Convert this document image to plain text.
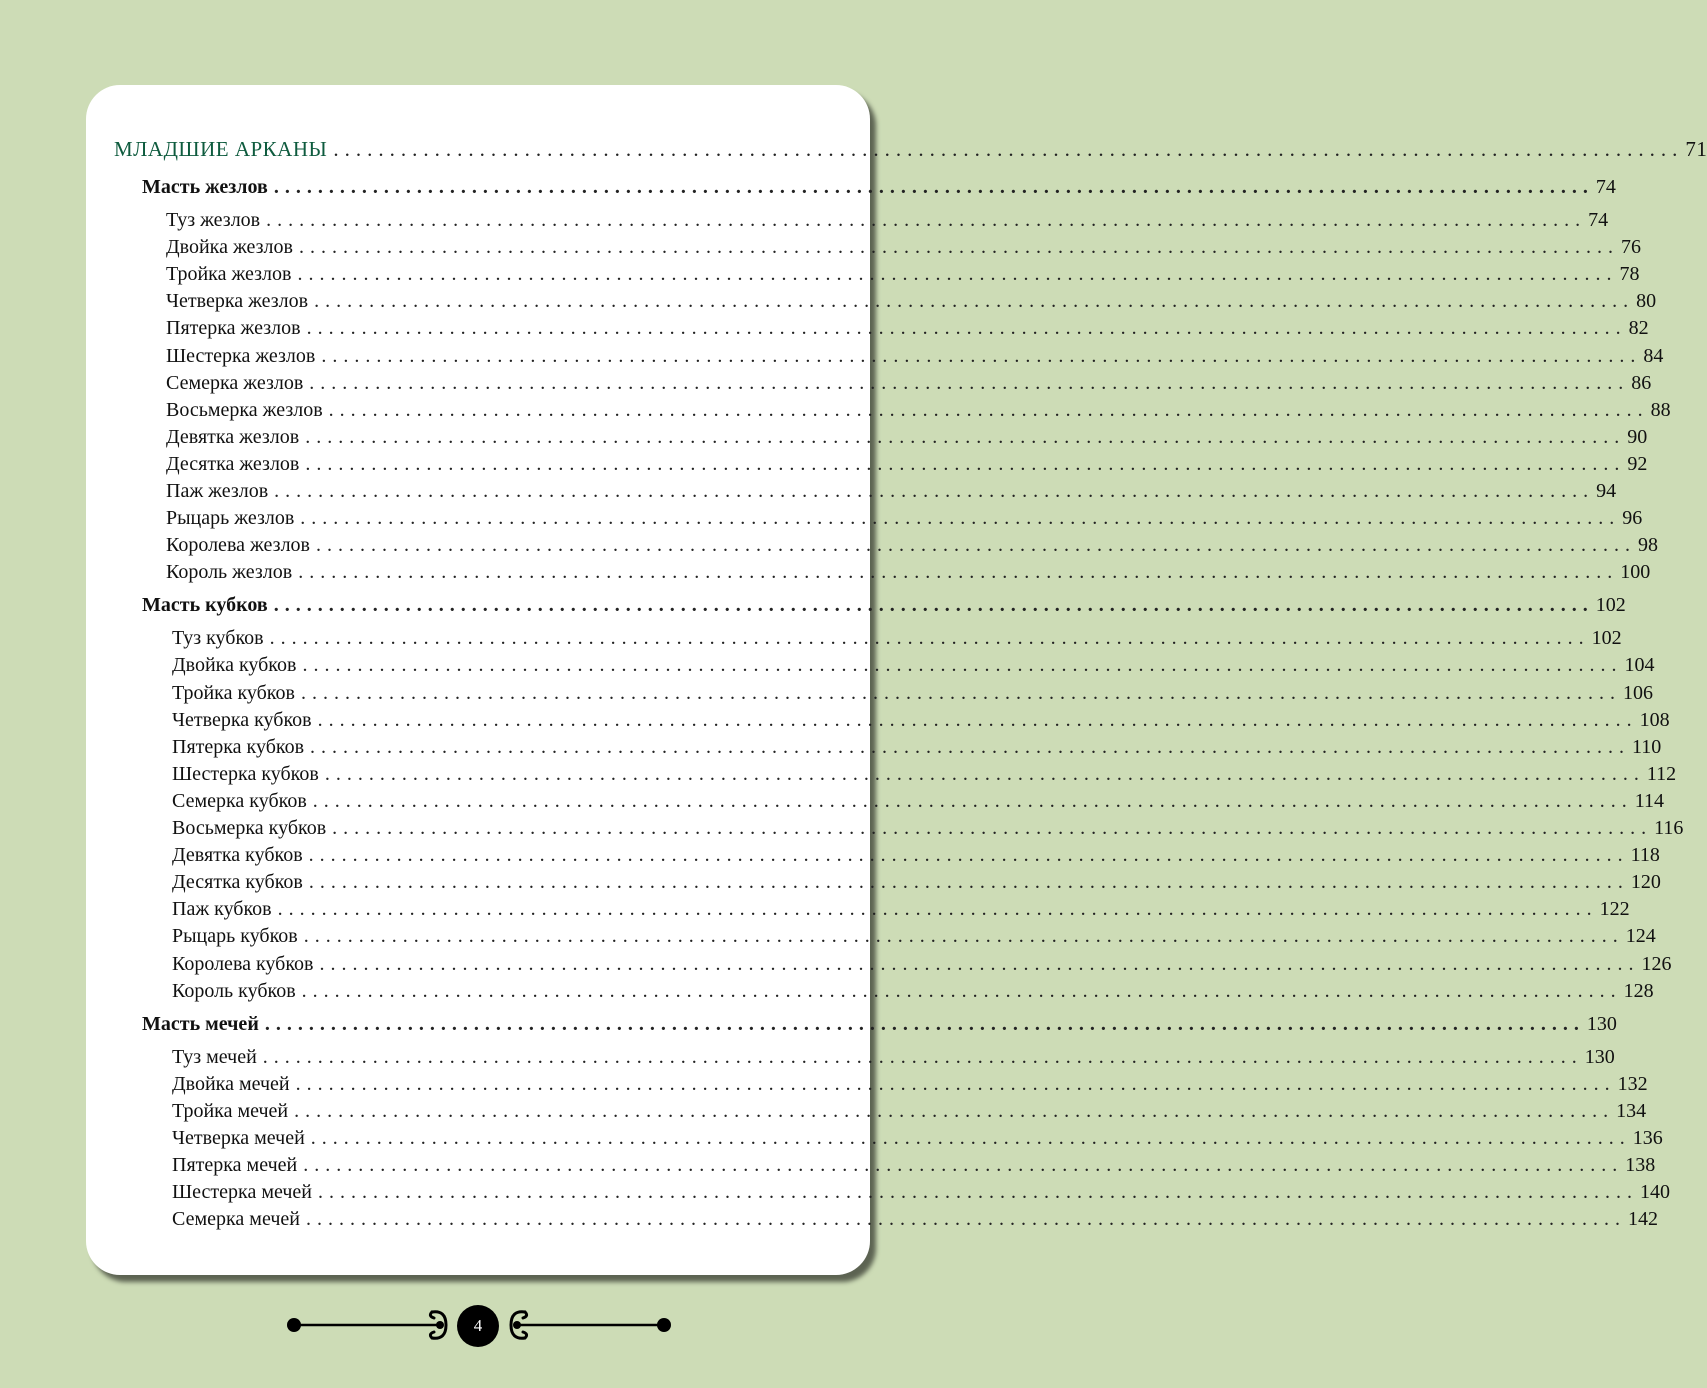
МЛАДШИЕ АРКАНЫ ........................................................................................................................ 71
Масть жезлов ........................................................................................................................ 74
Туз жезлов ........................................................................................................................ 74
Двойка жезлов ........................................................................................................................ 76
Тройка жезлов ........................................................................................................................ 78
Четверка жезлов ........................................................................................................................ 80
Пятерка жезлов ........................................................................................................................ 82
Шестерка жезлов ........................................................................................................................ 84
Семерка жезлов ........................................................................................................................ 86
Восьмерка жезлов ........................................................................................................................ 88
Девятка жезлов ........................................................................................................................ 90
Десятка жезлов ........................................................................................................................ 92
Паж жезлов ........................................................................................................................ 94
Рыцарь жезлов ........................................................................................................................ 96
Королева жезлов ........................................................................................................................ 98
Король жезлов ........................................................................................................................ 100
Масть кубков ........................................................................................................................ 102
Туз кубков ........................................................................................................................ 102
Двойка кубков ........................................................................................................................ 104
Тройка кубков ........................................................................................................................ 106
Четверка кубков ........................................................................................................................ 108
Пятерка кубков ........................................................................................................................ 110
Шестерка кубков ........................................................................................................................ 112
Семерка кубков ........................................................................................................................ 114
Восьмерка кубков ........................................................................................................................ 116
Девятка кубков ........................................................................................................................ 118
Десятка кубков ........................................................................................................................ 120
Паж кубков ........................................................................................................................ 122
Рыцарь кубков ........................................................................................................................ 124
Королева кубков ........................................................................................................................ 126
Король кубков ........................................................................................................................ 128
Масть мечей ........................................................................................................................ 130
Туз мечей ........................................................................................................................ 130
Двойка мечей ........................................................................................................................ 132
Тройка мечей ........................................................................................................................ 134
Четверка мечей ........................................................................................................................ 136
Пятерка мечей ........................................................................................................................ 138
Шестерка мечей ........................................................................................................................ 140
Семерка мечей ........................................................................................................................ 142
4
